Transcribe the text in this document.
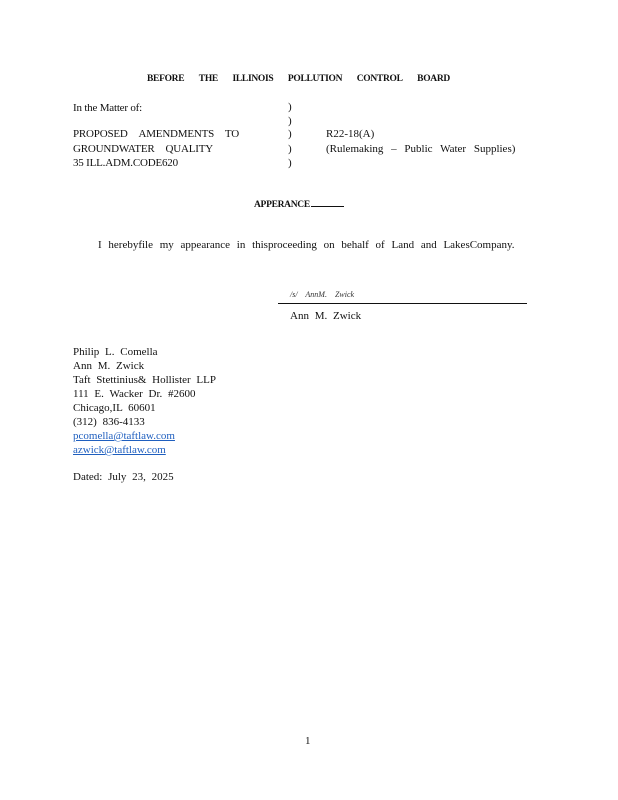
BEFORE THE ILLINOIS POLLUTION CONTROL BOARD
In the Matter of:
PROPOSED AMENDMENTS TO
GROUNDWATER QUALITY
35 ILL.ADM.CODE620
)
)
)
)
)
R22-18(A)
(Rulemaking – Public Water Supplies)
APPERANCE
I herebyfile my appearance in thisproceeding on behalf of Land and LakesCompany.
/s/ AnnM. Zwick
Ann M. Zwick
Philip L. Comella
Ann M. Zwick
Taft Stettinius& Hollister LLP
111 E. Wacker Dr. #2600
Chicago,IL 60601
(312) 836-4133
pcomella@taftlaw.com
azwick@taftlaw.com
Dated: July 23, 2025
1
